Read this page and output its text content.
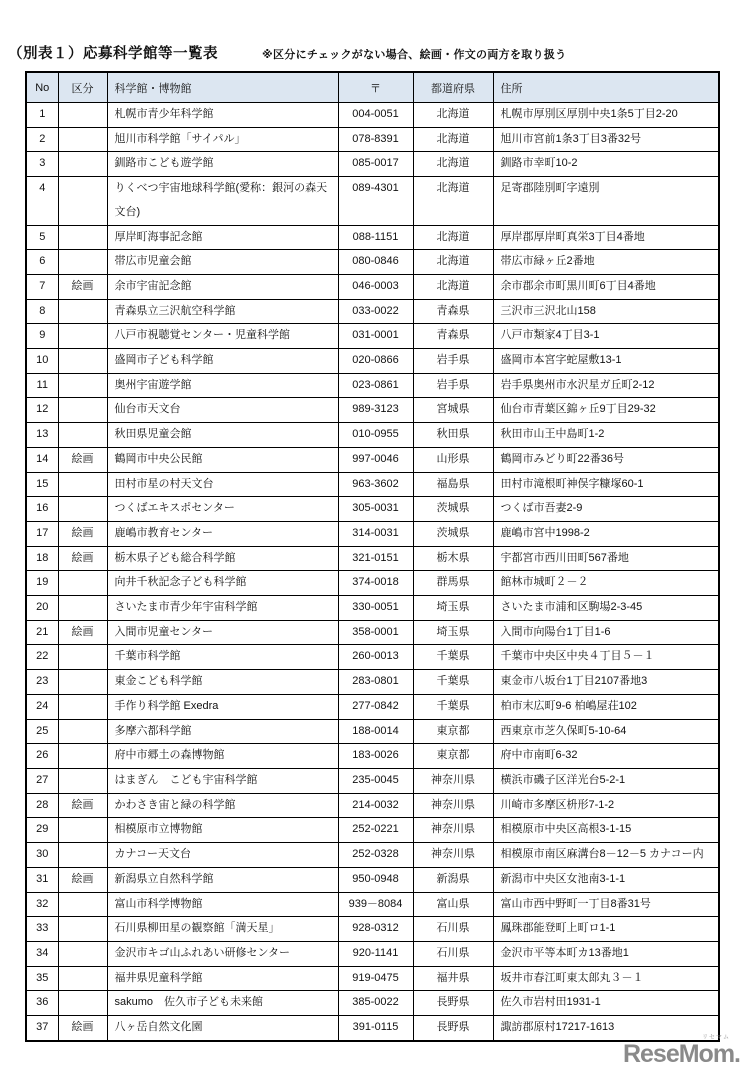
（別表１）応募科学館等一覧表	※区分にチェックがない場合、絵画・作文の両方を取り扱う
No	区分	科学館・博物館	〒	都道府県	住所
1		札幌市青少年科学館	004-0051	北海道	札幌市厚別区厚別中央1条5丁目2-20
2		旭川市科学館「サイパル」	078-8391	北海道	旭川市宮前1条3丁目3番32号
3		釧路市こども遊学館	085-0017	北海道	釧路市幸町10-2
4		りくべつ宇宙地球科学館(愛称：銀河の森天文台)	089-4301	北海道	足寄郡陸別町字遠別
5		厚岸町海事記念館	088-1151	北海道	厚岸郡厚岸町真栄3丁目4番地
6		帯広市児童会館	080-0846	北海道	帯広市緑ヶ丘2番地
7	絵画	余市宇宙記念館	046-0003	北海道	余市郡余市町黒川町6丁目4番地
8		青森県立三沢航空科学館	033-0022	青森県	三沢市三沢北山158
9		八戸市視聴覚センター・児童科学館	031-0001	青森県	八戸市類家4丁目3-1
10		盛岡市子ども科学館	020-0866	岩手県	盛岡市本宮字蛇屋敷13-1
11		奥州宇宙遊学館	023-0861	岩手県	岩手県奥州市水沢星ガ丘町2-12
12		仙台市天文台	989-3123	宮城県	仙台市青葉区錦ヶ丘9丁目29-32
13		秋田県児童会館	010-0955	秋田県	秋田市山王中島町1-2
14	絵画	鶴岡市中央公民館	997-0046	山形県	鶴岡市みどり町22番36号
15		田村市星の村天文台	963-3602	福島県	田村市滝根町神俣字糠塚60-1
16		つくばエキスポセンター	305-0031	茨城県	つくば市吾妻2-9
17	絵画	鹿嶋市教育センター	314-0031	茨城県	鹿嶋市宮中1998-2
18	絵画	栃木県子ども総合科学館	321-0151	栃木県	宇都宮市西川田町567番地
19		向井千秋記念子ども科学館	374-0018	群馬県	館林市城町２－２
20		さいたま市青少年宇宙科学館	330-0051	埼玉県	さいたま市浦和区駒場2-3-45
21	絵画	入間市児童センター	358-0001	埼玉県	入間市向陽台1丁目1-6
22		千葉市科学館	260-0013	千葉県	千葉市中央区中央４丁目５－１
23		東金こども科学館	283-0801	千葉県	東金市八坂台1丁目2107番地3
24		手作り科学館 Exedra	277-0842	千葉県	柏市末広町9-6 柏嶋屋荘102
25		多摩六都科学館	188-0014	東京都	西東京市芝久保町5-10-64
26		府中市郷土の森博物館	183-0026	東京都	府中市南町6-32
27		はまぎん　こども宇宙科学館	235-0045	神奈川県	横浜市磯子区洋光台5-2-1
28	絵画	かわさき宙と緑の科学館	214-0032	神奈川県	川崎市多摩区枡形7-1-2
29		相模原市立博物館	252-0221	神奈川県	相模原市中央区高根3-1-15
30		カナコー天文台	252-0328	神奈川県	相模原市南区麻溝台8－12－5 カナコー内
31	絵画	新潟県立自然科学館	950-0948	新潟県	新潟市中央区女池南3-1-1
32		富山市科学博物館	939－8084	富山県	富山市西中野町一丁目8番31号
33		石川県柳田星の観察館「満天星」	928-0312	石川県	鳳珠郡能登町上町ロ1-1
34		金沢市キゴ山ふれあい研修センター	920-1141	石川県	金沢市平等本町カ13番地1
35		福井県児童科学館	919-0475	福井県	坂井市春江町東太郎丸３－１
36		sakumo　佐久市子ども未来館	385-0022	長野県	佐久市岩村田1931-1
37	絵画	八ヶ岳自然文化園	391-0115	長野県	諏訪郡原村17217-1613
リセマム
ReseMom.
